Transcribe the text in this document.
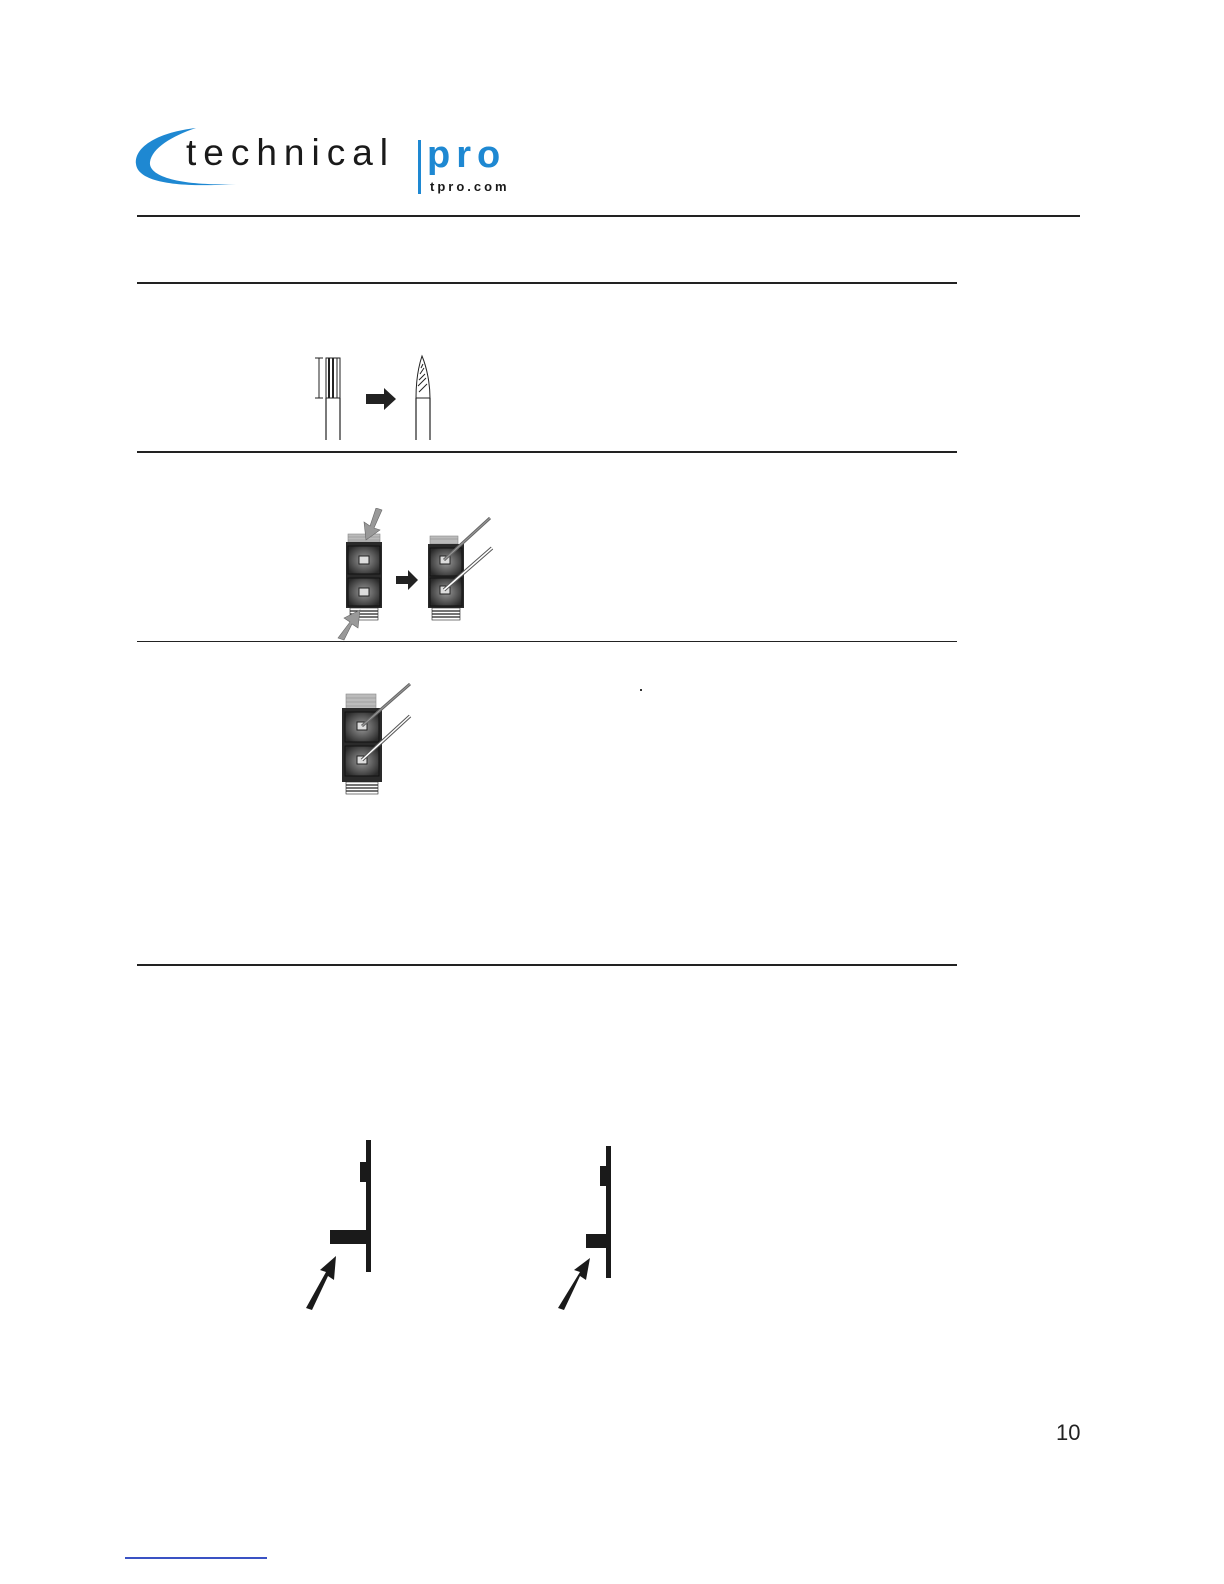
technical pro
tpro.com
10
